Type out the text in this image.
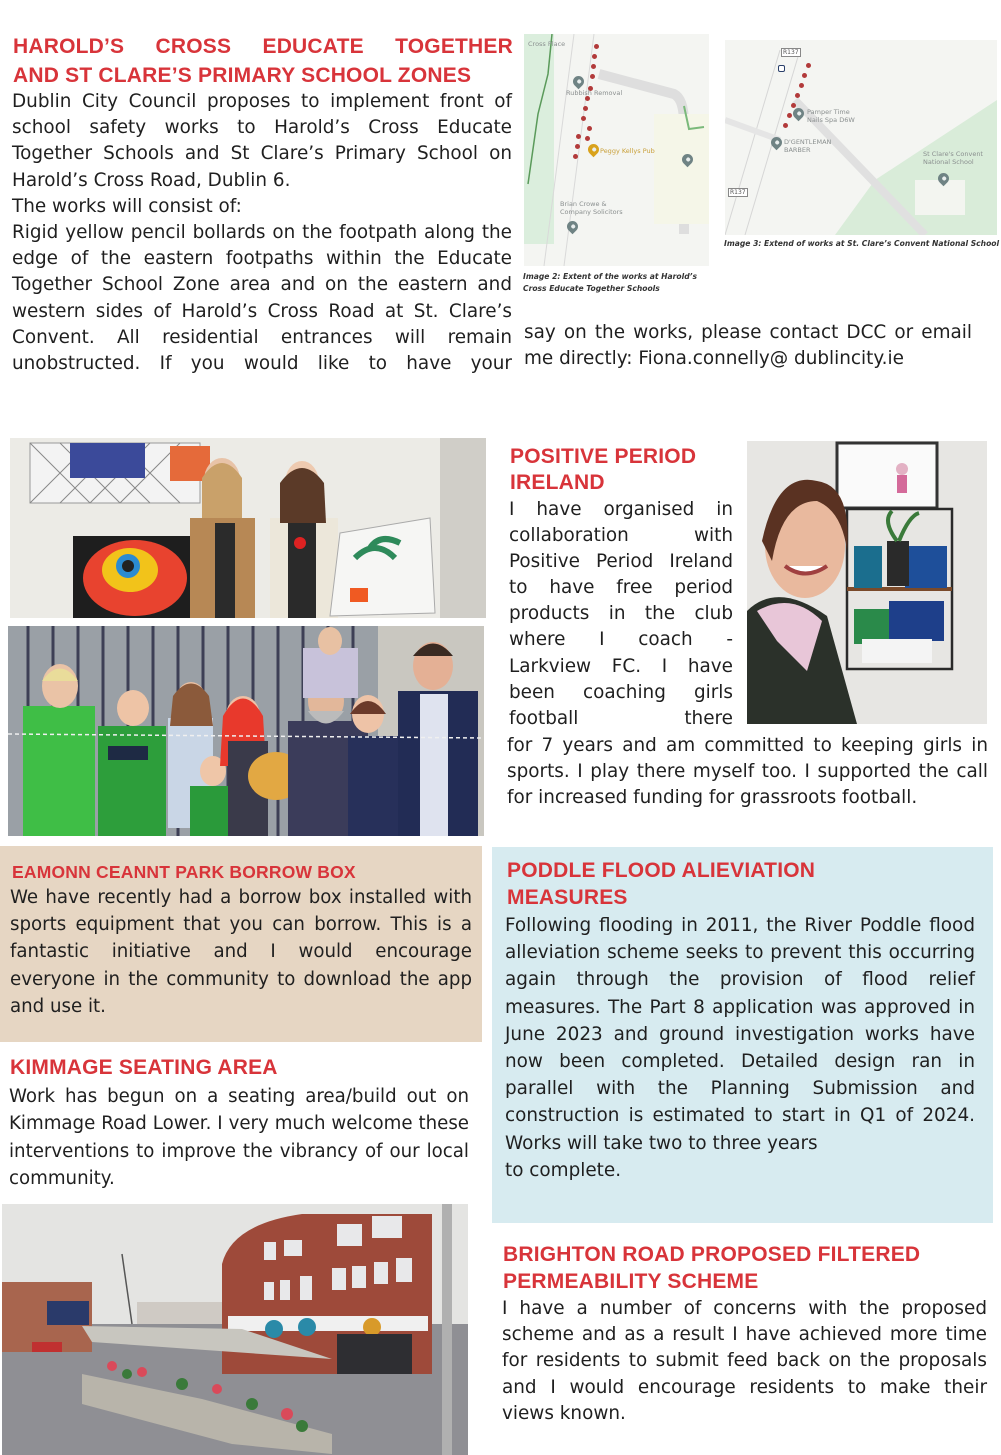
HAROLD’S CROSS EDUCATE TOGETHER
AND ST CLARE’S PRIMARY SCHOOL ZONES

Dublin City Council proposes to implement front of school safety works to Harold’s Cross Educate Together Schools and St Clare’s Primary School on Harold’s Cross Road, Dublin 6.

The works will consist of:

Rigid yellow pencil bollards on the footpath along the edge of the eastern footpaths within the Educate Together School Zone area and on the eastern and western sides of Harold’s Cross Road at St. Clare’s Convent. All residential entrances will remain unobstructed. If you would like to have your

say on the works, please contact DCC or email me directly: Fiona.connelly@ dublincity.ie

Cross Place
Rubbish Removal
Peggy Kellys Pub
Brian Crowe & Company Solicitors

Image 2: Extent of the works at Harold’s Cross Educate Together Schools

R137
R137
Pamper Time Nails Spa D6W
D'GENTLEMAN BARBER	St Clare's Convent National School

Image 3: Extend of works at St. Clare’s Convent National School

POSITIVE PERIOD
IRELAND

I have organised in collaboration with Positive Period Ireland to have free period products in the club where I coach - Larkview FC. I have been coaching girls football there

for 7 years and am committed to keeping girls in sports. I play there myself too. I supported the call for increased funding for grassroots football.

EAMONN CEANNT PARK BORROW BOX

We have recently had a borrow box installed with sports equipment that you can borrow. This is a fantastic initiative and I would encourage everyone in the community to download the app and use it.

KIMMAGE SEATING AREA

Work has begun on a seating area/build out on Kimmage Road Lower. I very much welcome these interventions to improve the vibrancy of our local community.

PODDLE FLOOD ALIEVIATION
MEASURES

Following flooding in 2011, the River Poddle flood alleviation scheme seeks to prevent this occurring again through the provision of flood relief measures. The Part 8 application was approved in June 2023 and ground investigation works have now been completed. Detailed design ran in parallel with the Planning Submission and construction is estimated to start in Q1 of 2024. Works will take two to three years

to complete.

BRIGHTON ROAD PROPOSED FILTERED
PERMEABILITY SCHEME

I have a number of concerns with the proposed scheme and as a result I have achieved more time for residents to submit feed back on the proposals and I would encourage residents to make their views known.
